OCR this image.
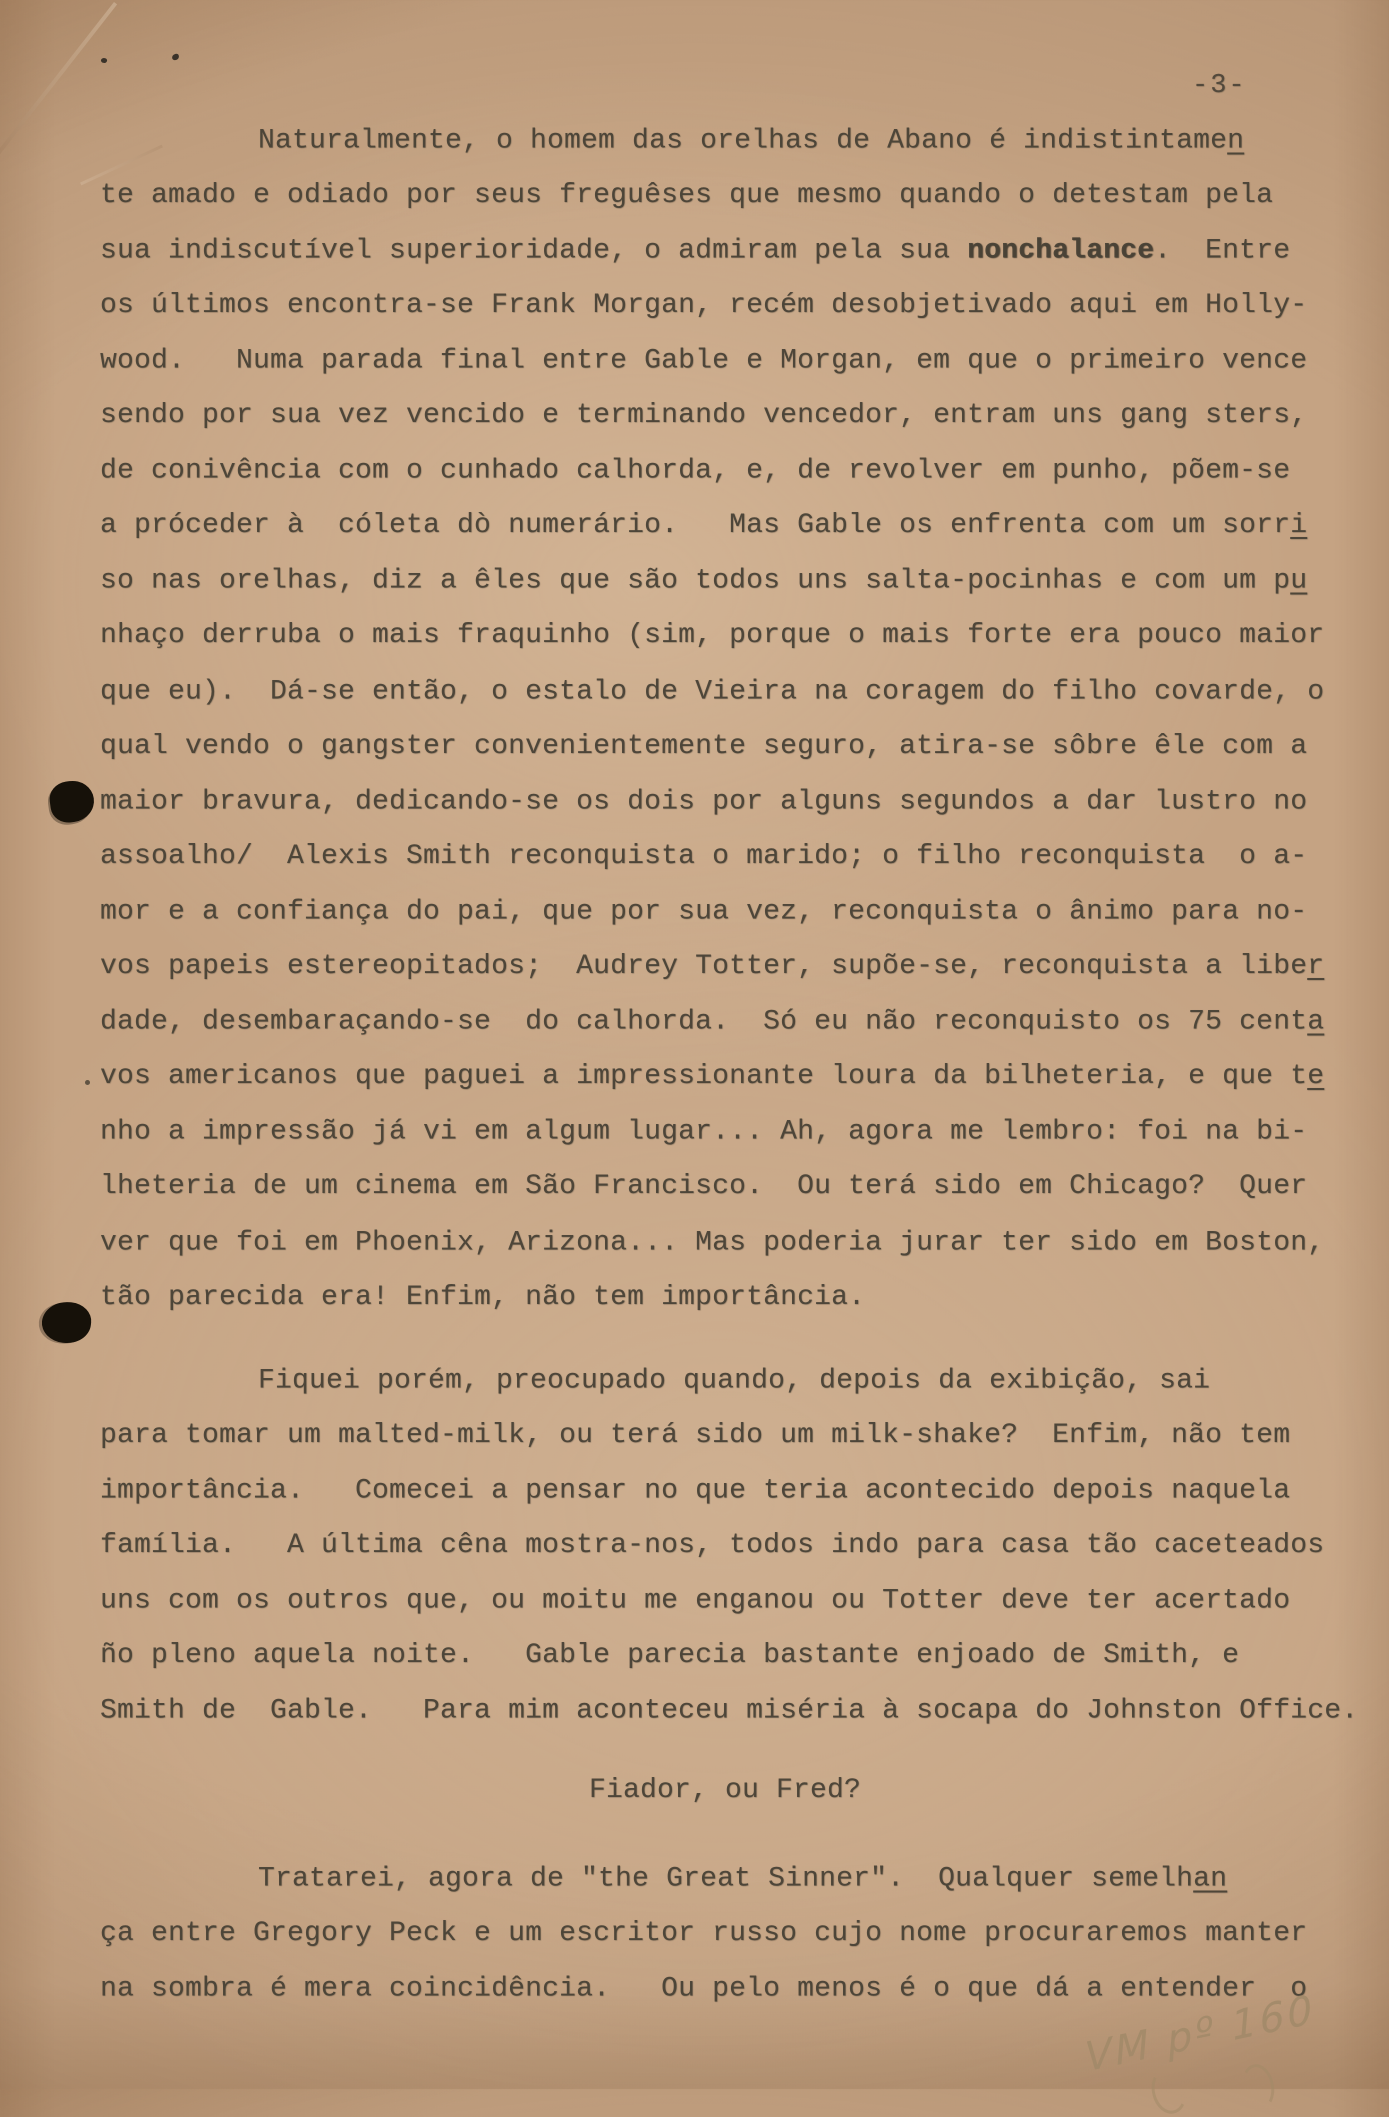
-3-
Naturalmente, o homem das orelhas de Abano é indistintamen
te amado e odiado por seus freguêses que mesmo quando o detestam pela
sua indiscutível superioridade, o admiram pela sua nonchalance.  Entre
os últimos encontra-se Frank Morgan, recém desobjetivado aqui em Holly-
wood.   Numa parada final entre Gable e Morgan, em que o primeiro vence
sendo por sua vez vencido e terminando vencedor, entram uns gang sters,
de conivência com o cunhado calhorda, e, de revolver em punho, põem-se
a próceder à  cóleta dò numerário.   Mas Gable os enfrenta com um sorri
so nas orelhas, diz a êles que são todos uns salta-pocinhas e com um pu
nhaço derruba o mais fraquinho (sim, porque o mais forte era pouco maior
que eu).  Dá-se então, o estalo de Vieira na coragem do filho covarde, o
qual vendo o gangster convenientemente seguro, atira-se sôbre êle com a
maior bravura, dedicando-se os dois por alguns segundos a dar lustro no
assoalho/  Alexis Smith reconquista o marido; o filho reconquista  o a-
mor e a confiança do pai, que por sua vez, reconquista o ânimo para no-
vos papeis estereopitados;  Audrey Totter, supõe-se, reconquista a liber
dade, desembaraçando-se  do calhorda.  Só eu não reconquisto os 75 centa
vos americanos que paguei a impressionante loura da bilheteria, e que te
nho a impressão já vi em algum lugar... Ah, agora me lembro: foi na bi-
lheteria de um cinema em São Francisco.  Ou terá sido em Chicago?  Quer
ver que foi em Phoenix, Arizona... Mas poderia jurar ter sido em Boston,
tão parecida era! Enfim, não tem importância.
Fiquei porém, preocupado quando, depois da exibição, sai
para tomar um malted-milk, ou terá sido um milk-shake?  Enfim, não tem
importância.   Comecei a pensar no que teria acontecido depois naquela
família.   A última cêna mostra-nos, todos indo para casa tão caceteados
uns com os outros que, ou moitu me enganou ou Totter deve ter acertado
ño pleno aquela noite.   Gable parecia bastante enjoado de Smith, e
Smith de  Gable.   Para mim aconteceu miséria à socapa do Johnston Office.
Fiador, ou Fred?
Tratarei, agora de "the Great Sinner".  Qualquer semelhan
ça entre Gregory Peck e um escritor russo cujo nome procuraremos manter
na sombra é mera coincidência.   Ou pelo menos é o que dá a entender  o
VM pº 160
